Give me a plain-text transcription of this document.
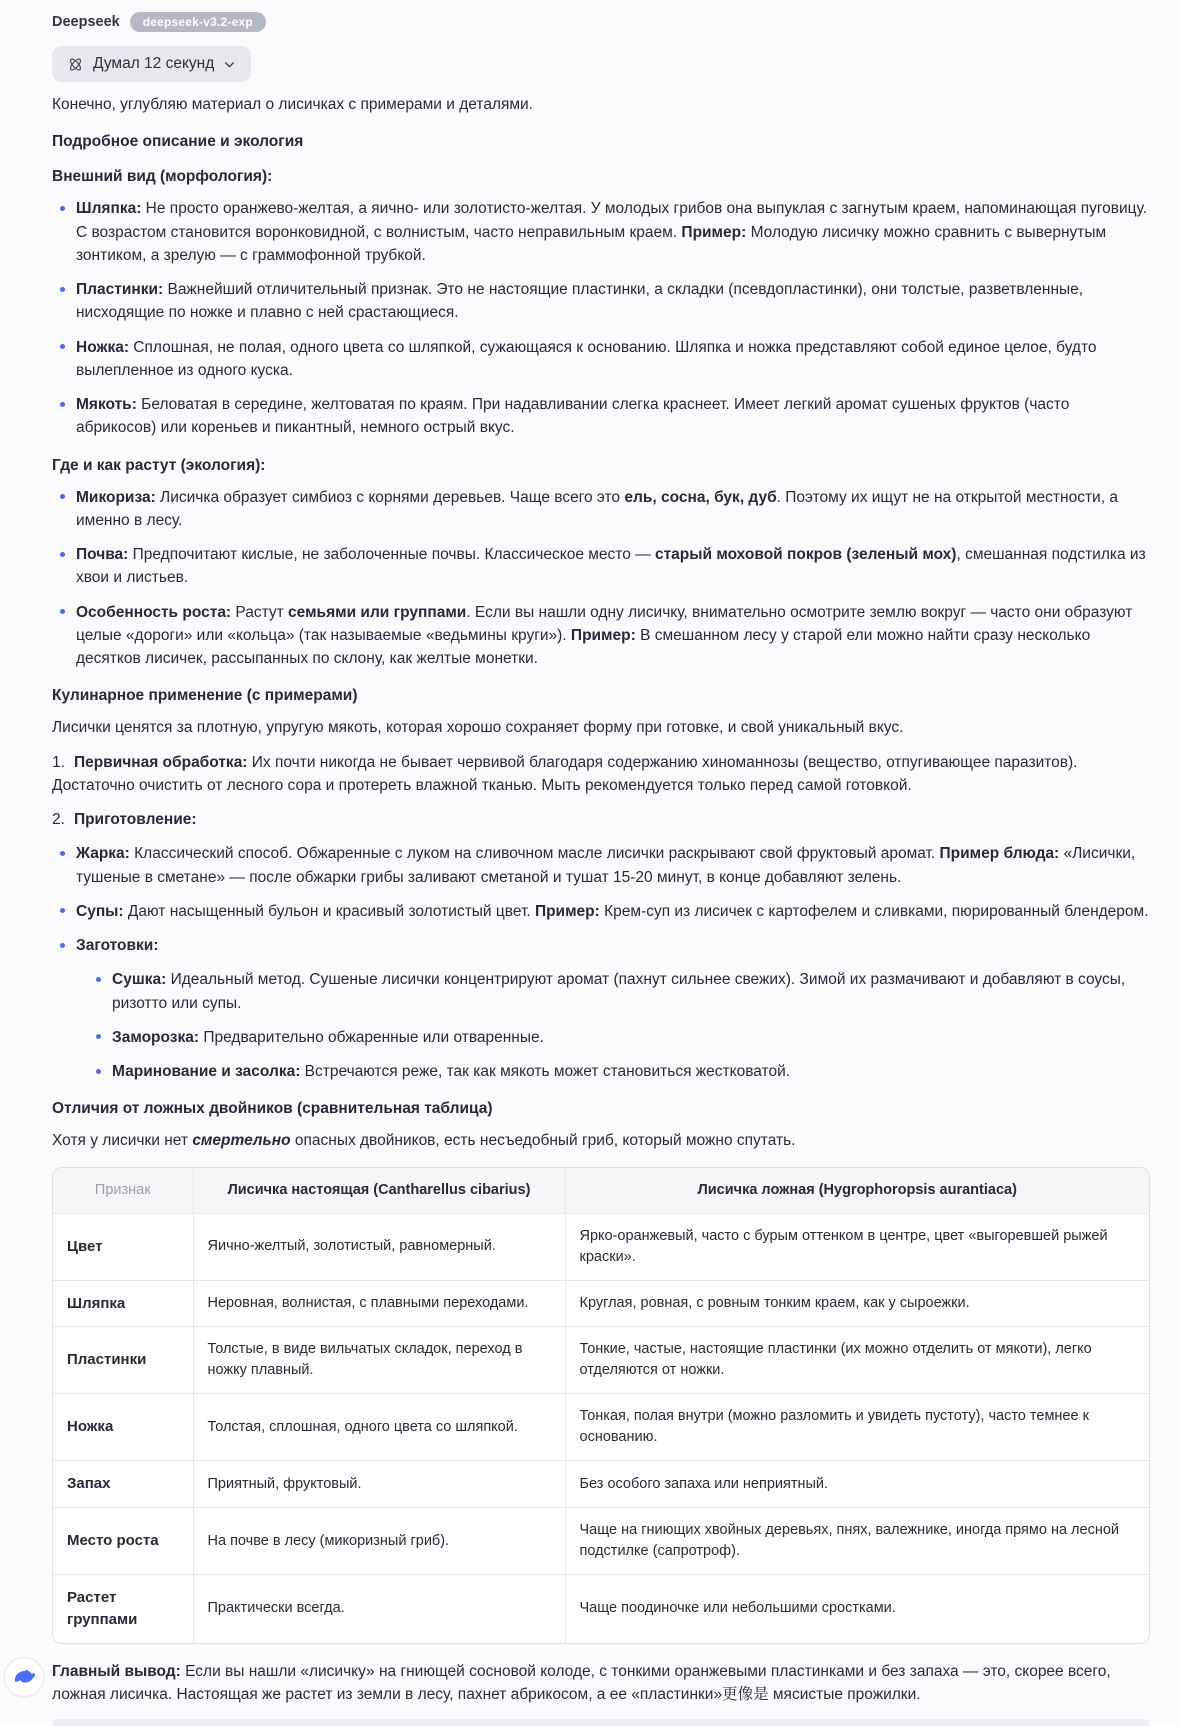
Deepseek	deepseek-v3.2-exp
Думал 12 секунд

Конечно, углубляю материал о лисичках с примерами и деталями.

Подробное описание и экология
Внешний вид (морфология):
Шляпка: Не просто оранжево-желтая, а яично- или золотисто-желтая. У молодых грибов она выпуклая с загнутым краем, напоминающая пуговицу. С возрастом становится воронковидной, с волнистым, часто неправильным краем. Пример: Молодую лисичку можно сравнить с вывернутым зонтиком, а зрелую — с граммофонной трубкой.
Пластинки: Важнейший отличительный признак. Это не настоящие пластинки, а складки (псевдопластинки), они толстые, разветвленные, нисходящие по ножке и плавно с ней срастающиеся.
Ножка: Сплошная, не полая, одного цвета со шляпкой, сужающаяся к основанию. Шляпка и ножка представляют собой единое целое, будто вылепленное из одного куска.
Мякоть: Беловатая в середине, желтоватая по краям. При надавливании слегка краснеет. Имеет легкий аромат сушеных фруктов (часто абрикосов) или кореньев и пикантный, немного острый вкус.
Где и как растут (экология):
Микориза: Лисичка образует симбиоз с корнями деревьев. Чаще всего это ель, сосна, бук, дуб. Поэтому их ищут не на открытой местности, а именно в лесу.
Почва: Предпочитают кислые, не заболоченные почвы. Классическое место — старый моховой покров (зеленый мох), смешанная подстилка из хвои и листьев.
Особенность роста: Растут семьями или группами. Если вы нашли одну лисичку, внимательно осмотрите землю вокруг — часто они образуют целые «дороги» или «кольца» (так называемые «ведьмины круги»). Пример: В смешанном лесу у старой ели можно найти сразу несколько десятков лисичек, рассыпанных по склону, как желтые монетки.
Кулинарное применение (с примерами)

Лисички ценятся за плотную, упругую мякоть, которая хорошо сохраняет форму при готовке, и свой уникальный вкус.

1. Первичная обработка: Их почти никогда не бывает червивой благодаря содержанию хиноманнозы (вещество, отпугивающее паразитов). Достаточно очистить от лесного сора и протереть влажной тканью. Мыть рекомендуется только перед самой готовкой.

2. Приготовление:

Жарка: Классический способ. Обжаренные с луком на сливочном масле лисички раскрывают свой фруктовый аромат. Пример блюда: «Лисички, тушеные в сметане» — после обжарки грибы заливают сметаной и тушат 15-20 минут, в конце добавляют зелень.
Супы: Дают насыщенный бульон и красивый золотистый цвет. Пример: Крем-суп из лисичек с картофелем и сливками, пюрированный блендером.
Заготовки:
Сушка: Идеальный метод. Сушеные лисички концентрируют аромат (пахнут сильнее свежих). Зимой их размачивают и добавляют в соусы, ризотто или супы.
Заморозка: Предварительно обжаренные или отваренные.
Маринование и засолка: Встречаются реже, так как мякоть может становиться жестковатой.
Отличия от ложных двойников (сравнительная таблица)

Хотя у лисички нет смертельно опасных двойников, есть несъедобный гриб, который можно спутать.

Признак	Лисичка настоящая (Cantharellus cibarius)	Лисичка ложная (Hygrophoropsis aurantiaca)
Цвет	Яично-желтый, золотистый, равномерный.	Ярко-оранжевый, часто с бурым оттенком в центре, цвет «выгоревшей рыжей краски».
Шляпка	Неровная, волнистая, с плавными переходами.	Круглая, ровная, с ровным тонким краем, как у сыроежки.
Пластинки	Толстые, в виде вильчатых складок, переход в ножку плавный.	Тонкие, частые, настоящие пластинки (их можно отделить от мякоти), легко отделяются от ножки.
Ножка	Толстая, сплошная, одного цвета со шляпкой.	Тонкая, полая внутри (можно разломить и увидеть пустоту), часто темнее к основанию.
Запах	Приятный, фруктовый.	Без особого запаха или неприятный.
Место роста	На почве в лесу (микоризный гриб).	Чаще на гниющих хвойных деревьях, пнях, валежнике, иногда прямо на лесной подстилке (сапротроф).
Растет группами	Практически всегда.	Чаще поодиночке или небольшими сростками.

Главный вывод: Если вы нашли «лисичку» на гниющей сосновой колоде, с тонкими оранжевыми пластинками и без запаха — это, скорее всего, ложная лисичка. Настоящая же растет из земли в лесу, пахнет абрикосом, а ее «пластинки»更像是 мясистые прожилки.
